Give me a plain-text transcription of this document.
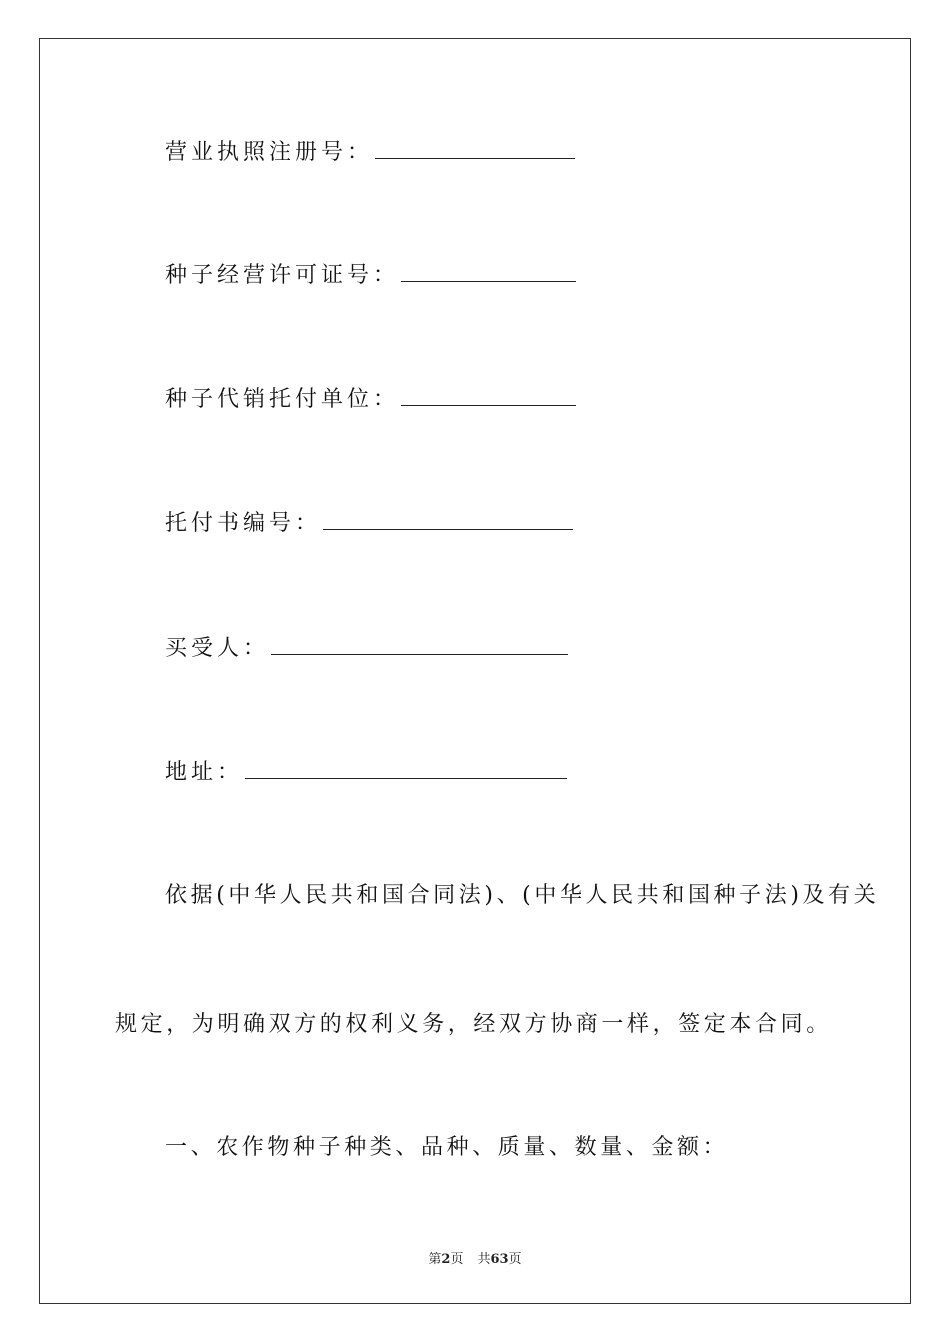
营业执照注册号：
种子经营许可证号：
种子代销托付单位：
托付书编号：
买受人：
地址：
依据(中华人民共和国合同法)、(中华人民共和国种子法)及有关
规定，为明确双方的权利义务，经双方协商一样，签定本合同。
一、农作物种子种类、品种、质量、数量、金额：
第2页 共63页
